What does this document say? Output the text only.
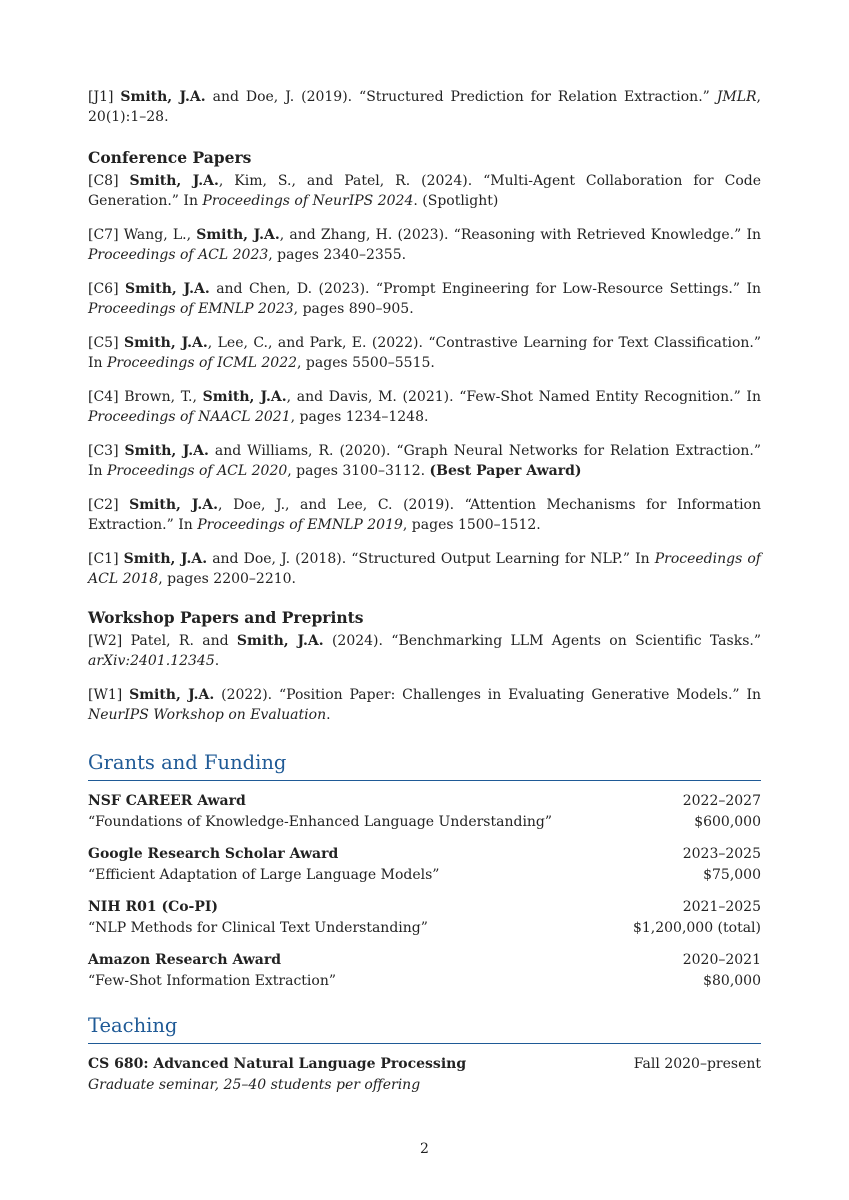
[J1] Smith, J.A. and Doe, J. (2019). “Structured Prediction for Relation Extraction.” JMLR, 20(1):1–28.

Conference Papers

[C8] Smith, J.A., Kim, S., and Patel, R. (2024). “Multi-Agent Collaboration for Code Generation.” In Proceedings of NeurIPS 2024. (Spotlight)

[C7] Wang, L., Smith, J.A., and Zhang, H. (2023). “Reasoning with Retrieved Knowledge.” In Proceedings of ACL 2023, pages 2340–2355.

[C6] Smith, J.A. and Chen, D. (2023). “Prompt Engineering for Low-Resource Settings.” In Proceedings of EMNLP 2023, pages 890–905.

[C5] Smith, J.A., Lee, C., and Park, E. (2022). “Contrastive Learning for Text Classification.” In Proceedings of ICML 2022, pages 5500–5515.

[C4] Brown, T., Smith, J.A., and Davis, M. (2021). “Few-Shot Named Entity Recognition.” In Proceedings of NAACL 2021, pages 1234–1248.

[C3] Smith, J.A. and Williams, R. (2020). “Graph Neural Networks for Relation Extraction.” In Proceedings of ACL 2020, pages 3100–3112. (Best Paper Award)

[C2] Smith, J.A., Doe, J., and Lee, C. (2019). “Attention Mechanisms for Information Extraction.” In Proceedings of EMNLP 2019, pages 1500–1512.

[C1] Smith, J.A. and Doe, J. (2018). “Structured Output Learning for NLP.” In Proceedings of ACL 2018, pages 2200–2210.

Workshop Papers and Preprints

[W2] Patel, R. and Smith, J.A. (2024). “Benchmarking LLM Agents on Scientific Tasks.” arXiv:2401.12345.

[W1] Smith, J.A. (2022). “Position Paper: Challenges in Evaluating Generative Models.” In NeurIPS Workshop on Evaluation.

Grants and Funding
NSF CAREER Award	2022–2027
“Foundations of Knowledge-Enhanced Language Understanding”	$600,000
Google Research Scholar Award	2023–2025
“Efficient Adaptation of Large Language Models”	$75,000
NIH R01 (Co-PI)	2021–2025
“NLP Methods for Clinical Text Understanding”	$1,200,000 (total)
Amazon Research Award	2020–2021
“Few-Shot Information Extraction”	$80,000
Teaching
CS 680: Advanced Natural Language Processing	Fall 2020–present
Graduate seminar, 25–40 students per offering
2
